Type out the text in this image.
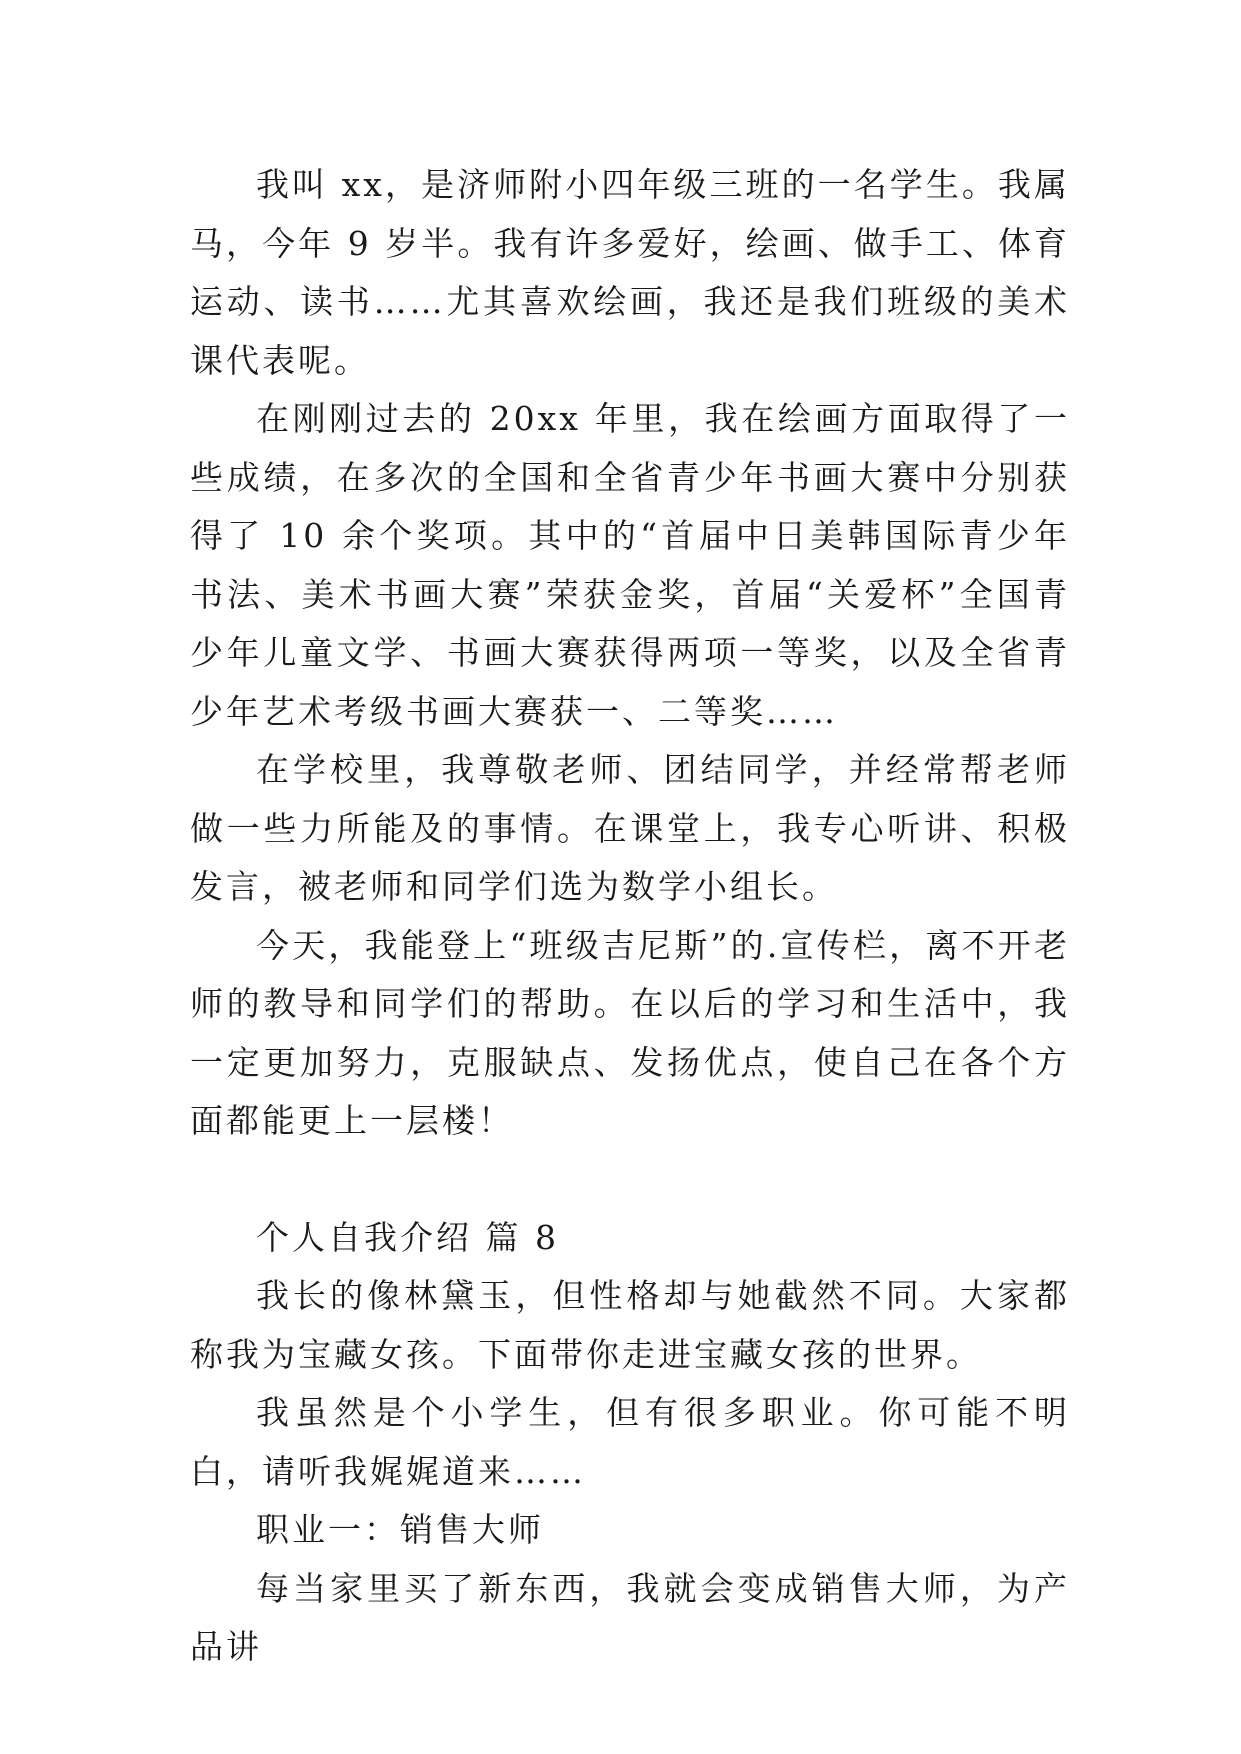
我叫 xx，是济师附小四年级三班的一名学生。我属马，今年 9 岁半。我有许多爱好，绘画、做手工、体育运动、读书……尤其喜欢绘画，我还是我们班级的美术课代表呢。

在刚刚过去的 20xx 年里，我在绘画方面取得了一些成绩，在多次的全国和全省青少年书画大赛中分别获得了 10 余个奖项。其中的“首届中日美韩国际青少年书法、美术书画大赛”荣获金奖，首届“关爱杯”全国青少年儿童文学、书画大赛获得两项一等奖，以及全省青少年艺术考级书画大赛获一、二等奖……

在学校里，我尊敬老师、团结同学，并经常帮老师做一些力所能及的事情。在课堂上，我专心听讲、积极发言，被老师和同学们选为数学小组长。

今天，我能登上“班级吉尼斯”的.宣传栏，离不开老师的教导和同学们的帮助。在以后的学习和生活中，我一定更加努力，克服缺点、发扬优点，使自己在各个方面都能更上一层楼！

个人自我介绍 篇 8

我长的像林黛玉，但性格却与她截然不同。大家都称我为宝藏女孩。下面带你走进宝藏女孩的世界。

我虽然是个小学生，但有很多职业。你可能不明白，请听我娓娓道来……

职业一：销售大师

每当家里买了新东西，我就会变成销售大师，为产品讲
